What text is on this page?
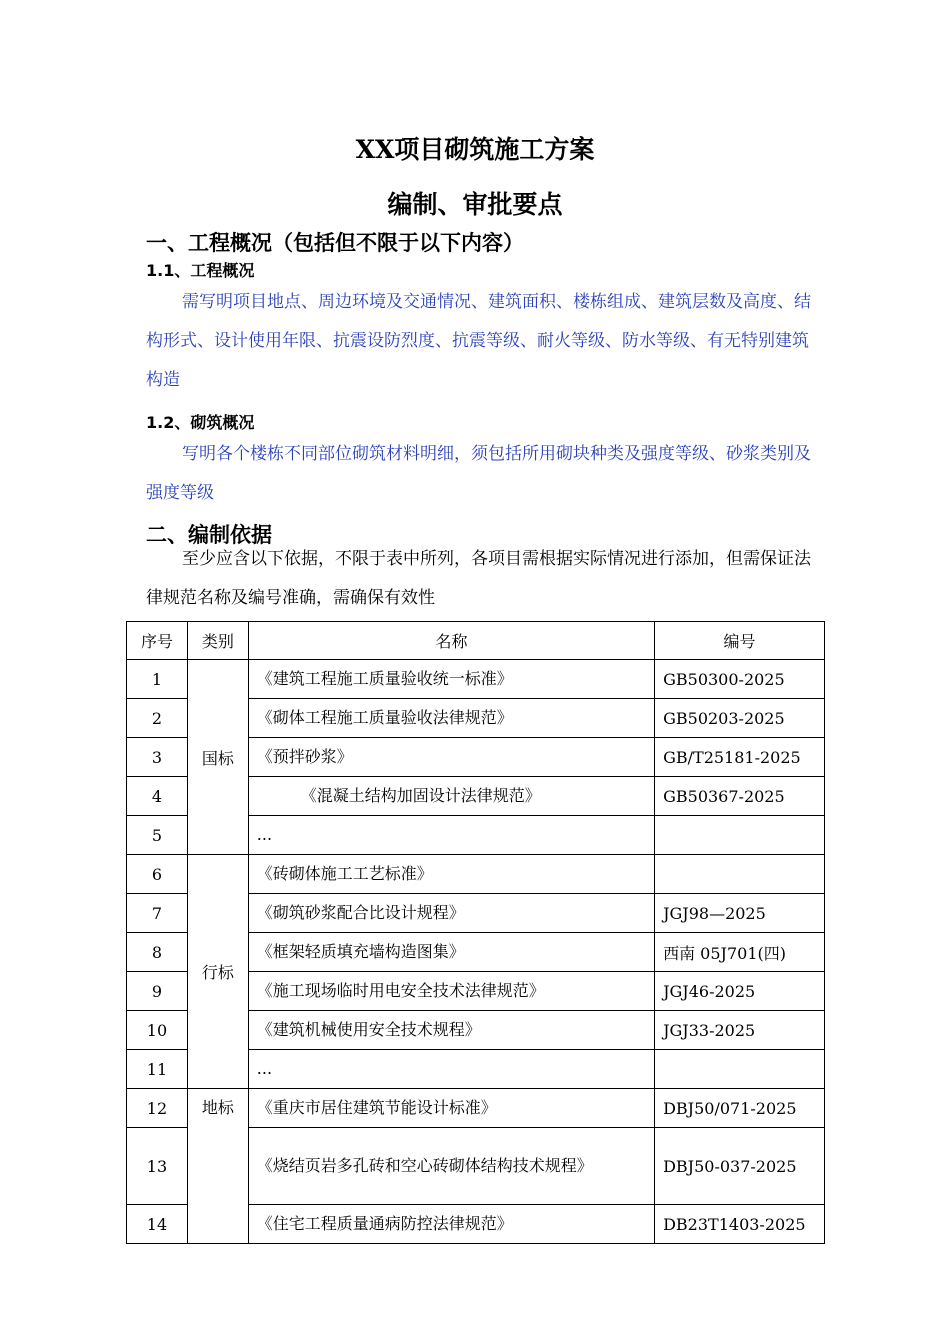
XX项目砌筑施工方案
编制、审批要点
一、工程概况（包括但不限于以下内容）
1.1、工程概况
需写明项目地点、周边环境及交通情况、建筑面积、楼栋组成、建筑层数及高度、结构形式、设计使用年限、抗震设防烈度、抗震等级、耐火等级、防水等级、有无特别建筑构造
1.2、砌筑概况
写明各个楼栋不同部位砌筑材料明细，须包括所用砌块种类及强度等级、砂浆类别及强度等级
二、编制依据
至少应含以下依据，不限于表中所列，各项目需根据实际情况进行添加，但需保证法律规范名称及编号准确，需确保有效性
序号	类别	名称	编号
1	国标	《建筑工程施工质量验收统一标准》	GB50300-2025
2		《砌体工程施工质量验收法律规范》	GB50203-2025
3		《预拌砂浆》	GB/T25181-2025
4		《混凝土结构加固设计法律规范》	GB50367-2025
5		...	
6	行标	《砖砌体施工工艺标准》	
7		《砌筑砂浆配合比设计规程》	JGJ98—2025
8		《框架轻质填充墙构造图集》	西南 05J701(四)
9		《施工现场临时用电安全技术法律规范》	JGJ46-2025
10		《建筑机械使用安全技术规程》	JGJ33-2025
11		...	
12	地标	《重庆市居住建筑节能设计标准》	DBJ50/071-2025
13		《烧结页岩多孔砖和空心砖砌体结构技术规程》	DBJ50-037-2025
14		《住宅工程质量通病防控法律规范》	DB23T1403-2025
